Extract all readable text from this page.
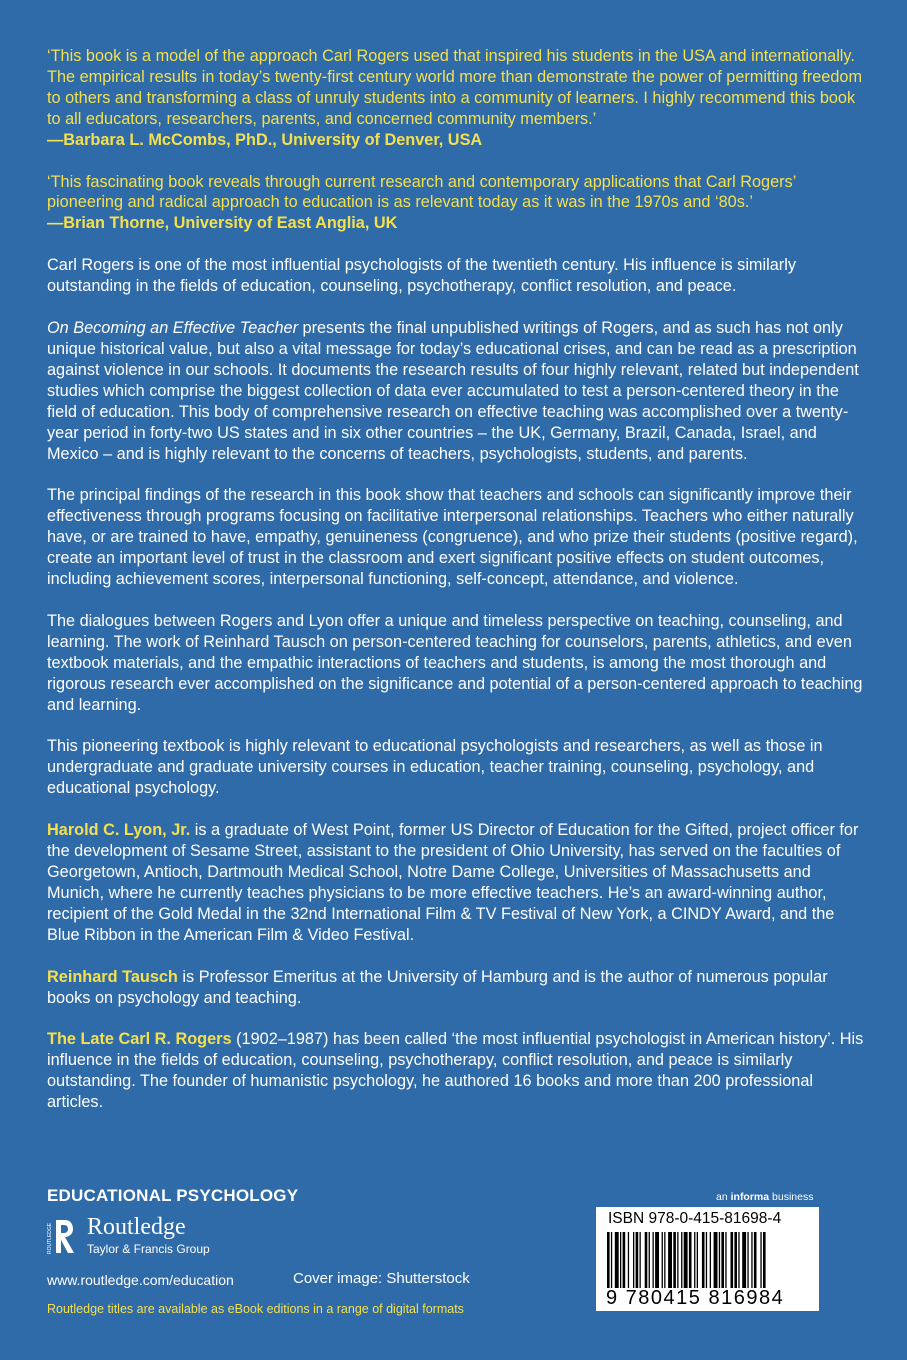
‘This book is a model of the approach Carl Rogers used that inspired his students in the USA and internationally. The empirical results in today’s twenty-first century world more than demonstrate the power of permitting freedom to others and transforming a class of unruly students into a community of learners. I highly recommend this book to all educators, researchers, parents, and concerned community members.’
—Barbara L. McCombs, PhD., University of Denver, USA

‘This fascinating book reveals through current research and contemporary applications that Carl Rogers’ pioneering and radical approach to education is as relevant today as it was in the 1970s and ‘80s.’
—Brian Thorne, University of East Anglia, UK

Carl Rogers is one of the most influential psychologists of the twentieth century. His influence is similarly outstanding in the fields of education, counseling, psychotherapy, conflict resolution, and peace.

On Becoming an Effective Teacher presents the final unpublished writings of Rogers, and as such has not only unique historical value, but also a vital message for today’s educational crises, and can be read as a prescription against violence in our schools. It documents the research results of four highly relevant, related but independent studies which comprise the biggest collection of data ever accumulated to test a person-centered theory in the field of education. This body of comprehensive research on effective teaching was accomplished over a twenty-year period in forty-two US states and in six other countries – the UK, Germany, Brazil, Canada, Israel, and Mexico – and is highly relevant to the concerns of teachers, psychologists, students, and parents.

The principal findings of the research in this book show that teachers and schools can significantly improve their effectiveness through programs focusing on facilitative interpersonal relationships. Teachers who either naturally have, or are trained to have, empathy, genuineness (congruence), and who prize their students (positive regard), create an important level of trust in the classroom and exert significant positive effects on student outcomes, including achievement scores, interpersonal functioning, self-concept, attendance, and violence.

The dialogues between Rogers and Lyon offer a unique and timeless perspective on teaching, counseling, and learning. The work of Reinhard Tausch on person-centered teaching for counselors, parents, athletics, and even textbook materials, and the empathic interactions of teachers and students, is among the most thorough and rigorous research ever accomplished on the significance and potential of a person-centered approach to teaching and learning.

This pioneering textbook is highly relevant to educational psychologists and researchers, as well as those in undergraduate and graduate university courses in education, teacher training, counseling, psychology, and educational psychology.

Harold C. Lyon, Jr. is a graduate of West Point, former US Director of Education for the Gifted, project officer for the development of Sesame Street, assistant to the president of Ohio University, has served on the faculties of Georgetown, Antioch, Dartmouth Medical School, Notre Dame College, Universities of Massachusetts and Munich, where he currently teaches physicians to be more effective teachers. He’s an award-winning author, recipient of the Gold Medal in the 32nd International Film & TV Festival of New York, a CINDY Award, and the Blue Ribbon in the American Film & Video Festival.

Reinhard Tausch is Professor Emeritus at the University of Hamburg and is the author of numerous popular books on psychology and teaching.

The Late Carl R. Rogers (1902–1987) has been called ‘the most influential psychologist in American history’. His influence in the fields of education, counseling, psychotherapy, conflict resolution, and peace is similarly outstanding. The founder of humanistic psychology, he authored 16 books and more than 200 professional articles.

EDUCATIONAL PSYCHOLOGY
ROUTLEDGE Routledge
Taylor & Francis Group
www.routledge.com/education	Cover image: Shutterstock
Routledge titles are available as eBook editions in a range of digital formats
an informa business
ISBN 978-0-415-81698-4
9 780415 816984
